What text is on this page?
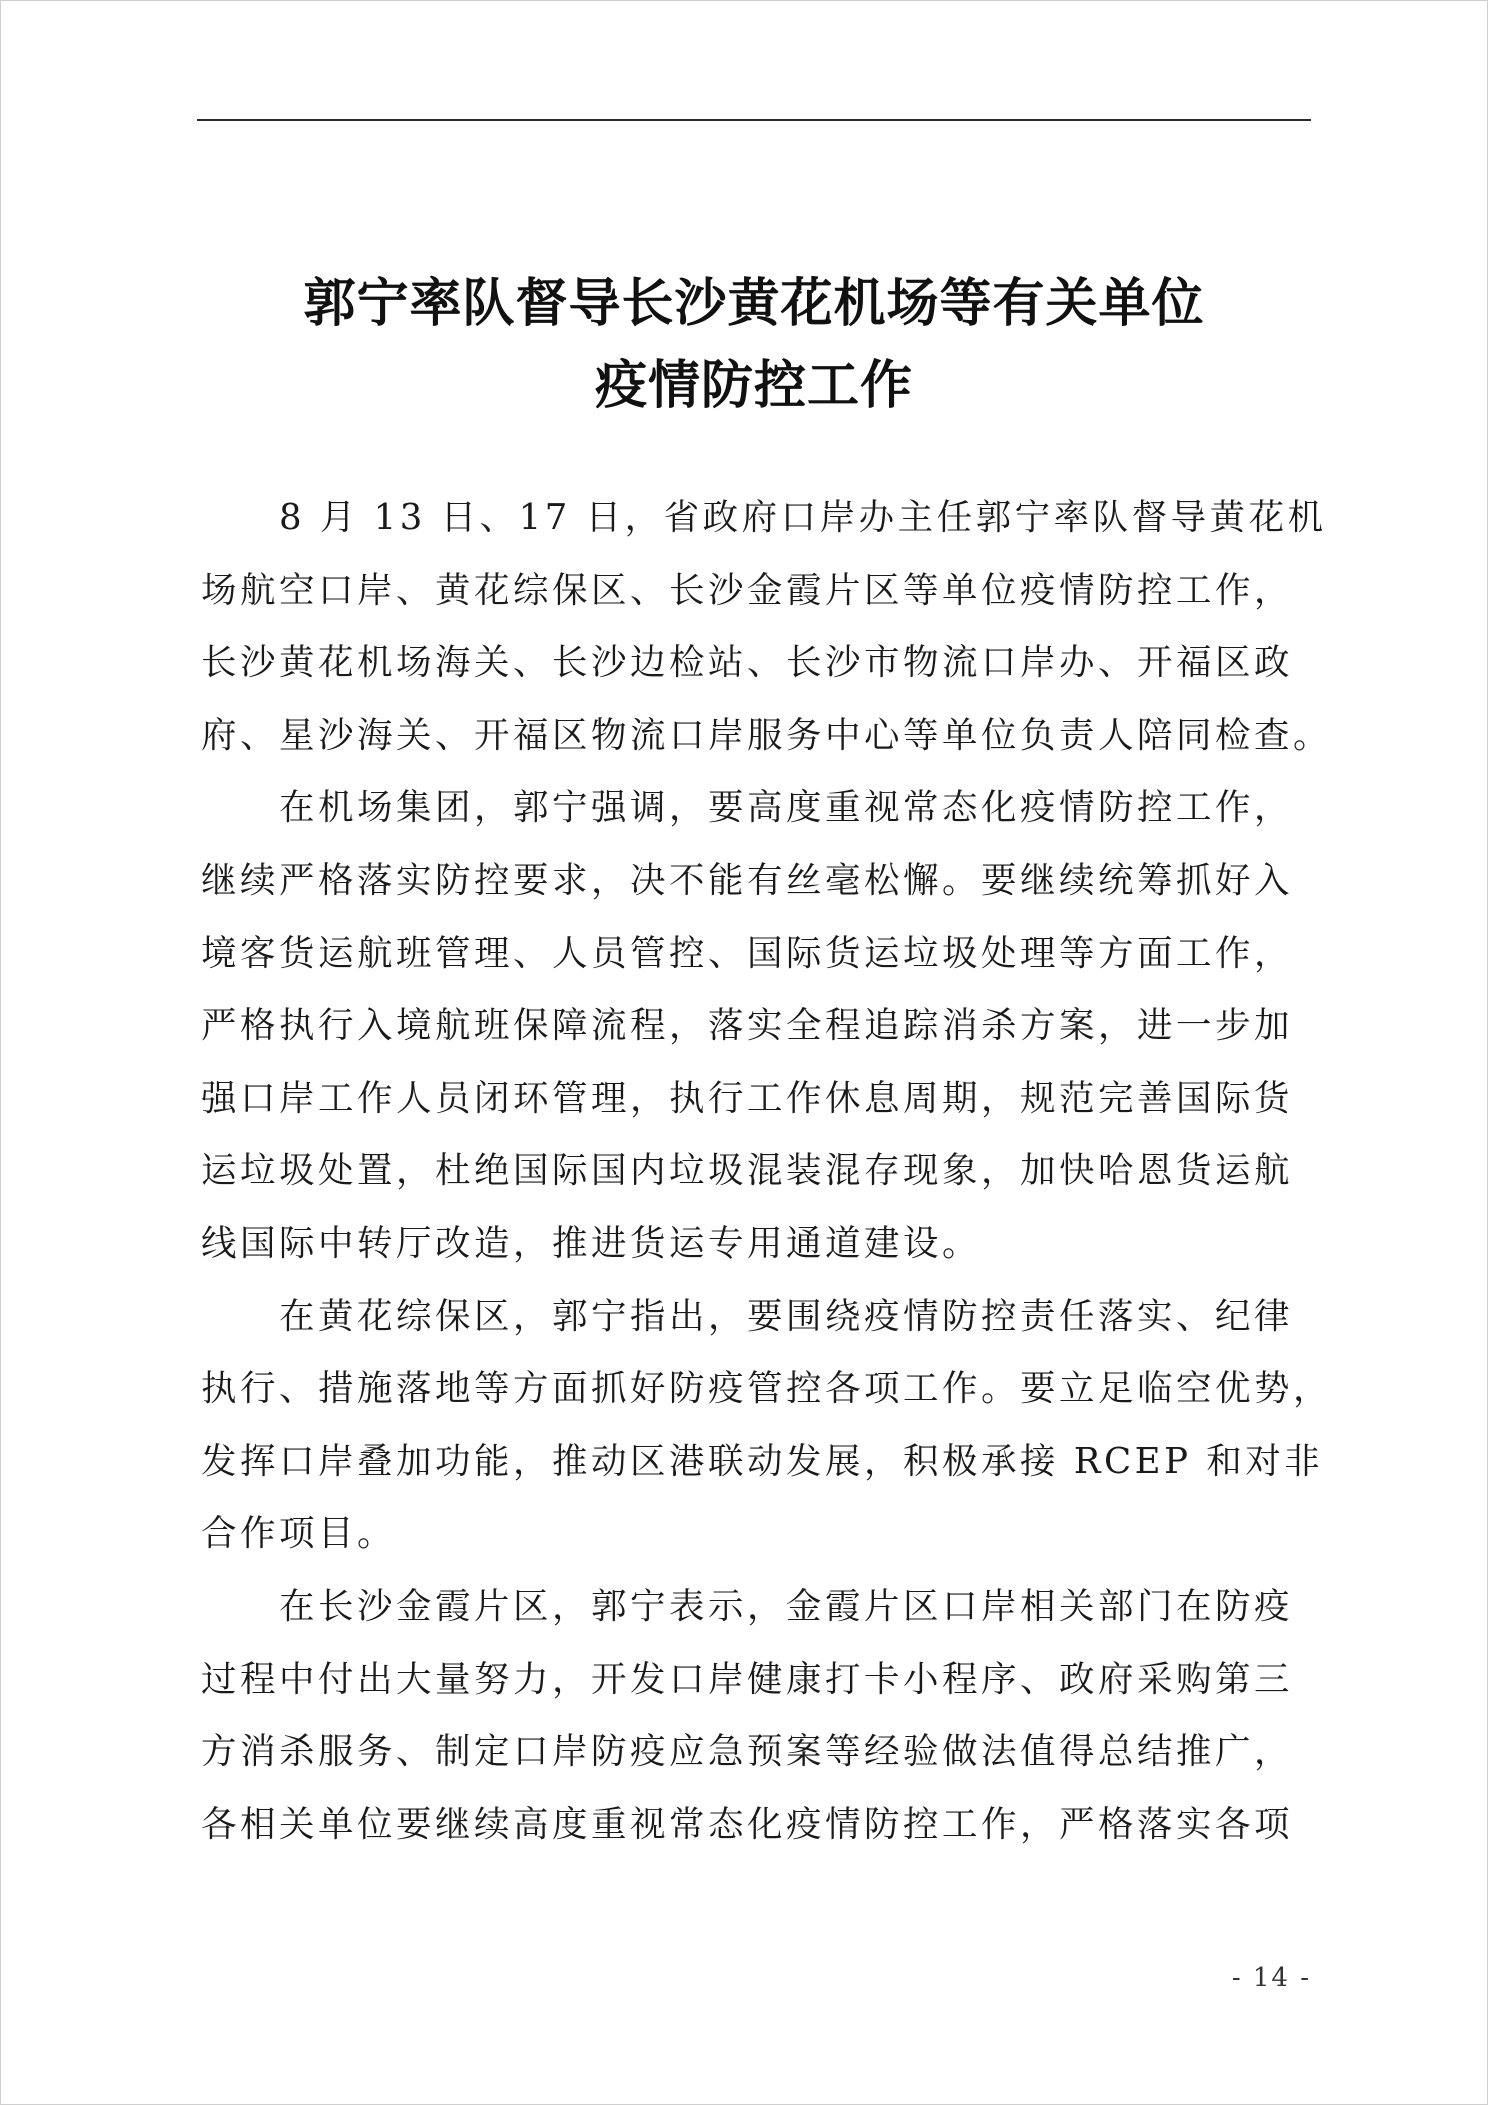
郭宁率队督导长沙黄花机场等有关单位
疫情防控工作
8 月 13 日、17 日，省政府口岸办主任郭宁率队督导黄花机
场航空口岸、黄花综保区、长沙金霞片区等单位疫情防控工作，
长沙黄花机场海关、长沙边检站、长沙市物流口岸办、开福区政
府、星沙海关、开福区物流口岸服务中心等单位负责人陪同检查。
在机场集团，郭宁强调，要高度重视常态化疫情防控工作，
继续严格落实防控要求，决不能有丝毫松懈。要继续统筹抓好入
境客货运航班管理、人员管控、国际货运垃圾处理等方面工作，
严格执行入境航班保障流程，落实全程追踪消杀方案，进一步加
强口岸工作人员闭环管理，执行工作休息周期，规范完善国际货
运垃圾处置，杜绝国际国内垃圾混装混存现象，加快哈恩货运航
线国际中转厅改造，推进货运专用通道建设。
在黄花综保区，郭宁指出，要围绕疫情防控责任落实、纪律
执行、措施落地等方面抓好防疫管控各项工作。要立足临空优势，
发挥口岸叠加功能，推动区港联动发展，积极承接 RCEP 和对非
合作项目。
在长沙金霞片区，郭宁表示，金霞片区口岸相关部门在防疫
过程中付出大量努力，开发口岸健康打卡小程序、政府采购第三
方消杀服务、制定口岸防疫应急预案等经验做法值得总结推广，
各相关单位要继续高度重视常态化疫情防控工作，严格落实各项
- 14 -
